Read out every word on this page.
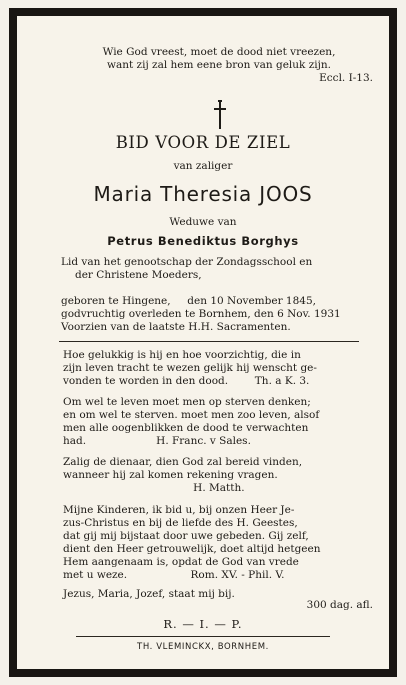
Wie God vreest, moet de dood niet vreezen,
want zij zal hem eene bron van geluk zijn.
Eccl. I-13.
BID VOOR DE ZIEL
van zaliger
Maria Theresia JOOS
Weduwe van
Petrus Benediktus Borghys
Lid van het genootschap der Zondagsschool en
der Christene Moeders,
geboren te Hingene,     den 10 November 1845,
godvruchtig overleden te Bornhem, den 6 Nov. 1931
Voorzien van de laatste H.H. Sacramenten.
Hoe gelukkig is hij en hoe voorzichtig, die in
zijn leven tracht te wezen gelijk hij wenscht ge-
vonden te worden in den dood.        Th. a K. 3.
Om wel te leven moet men op sterven denken;
en om wel te sterven. moet men zoo leven, alsof
men alle oogenblikken de dood te verwachten
had.                     H. Franc. v Sales.
Zalig de dienaar, dien God zal bereid vinden,
wanneer hij zal komen rekening vragen.
H. Matth.
Mijne Kinderen, ik bid u, bij onzen Heer Je-
zus-Christus en bij de liefde des H. Geestes,
dat gij mij bijstaat door uwe gebeden. Gij zelf,
dient den Heer getrouwelijk, doet altijd hetgeen
Hem aangenaam is, opdat de God van vrede
met u weze.                   Rom. XV. - Phil. V.
Jezus, Maria, Jozef, staat mij bij.
300 dag. afl.
R. — I. — P.
TH. VLEMINCKX, BORNHEM.
